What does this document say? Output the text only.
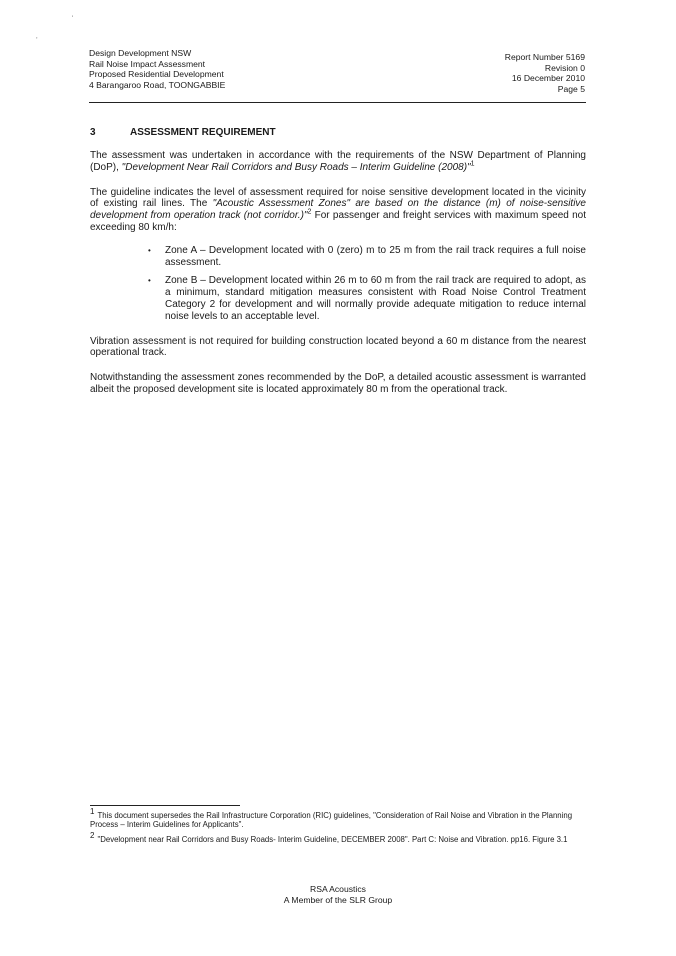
'
,
Design Development NSW
Rail Noise Impact Assessment
Proposed Residential Development
4 Barangaroo Road, TOONGABBIE
Report Number 5169
Revision 0
16 December 2010
Page 5
3	ASSESSMENT REQUIREMENT

The assessment was undertaken in accordance with the requirements of the NSW Department of Planning (DoP), "Development Near Rail Corridors and Busy Roads – Interim Guideline (2008)"$^1$

The guideline indicates the level of assessment required for noise sensitive development located in the vicinity of existing rail lines. The "Acoustic Assessment Zones" are based on the distance (m) of noise-sensitive development from operation track (not corridor.)"$^2$ For passenger and freight services with maximum speed not exceeding 80 km/h:

• Zone A – Development located with 0 (zero) m to 25 m from the rail track requires a full noise assessment.
• Zone B – Development located within 26 m to 60 m from the rail track are required to adopt, as a minimum, standard mitigation measures consistent with Road Noise Control Treatment Category 2 for development and will normally provide adequate mitigation to reduce internal noise levels to an acceptable level.

Vibration assessment is not required for building construction located beyond a 60 m distance from the nearest operational track.

Notwithstanding the assessment zones recommended by the DoP, a detailed acoustic assessment is warranted albeit the proposed development site is located approximately 80 m from the operational track.

$^1$ This document supersedes the Rail Infrastructure Corporation (RIC) guidelines, "Consideration of Rail Noise and Vibration in the Planning Process – Interim Guidelines for Applicants".
$^2$ "Development near Rail Corridors and Busy Roads- Interim Guideline, DECEMBER 2008". Part C: Noise and Vibration. pp16. Figure 3.1
RSA Acoustics
A Member of the SLR Group
